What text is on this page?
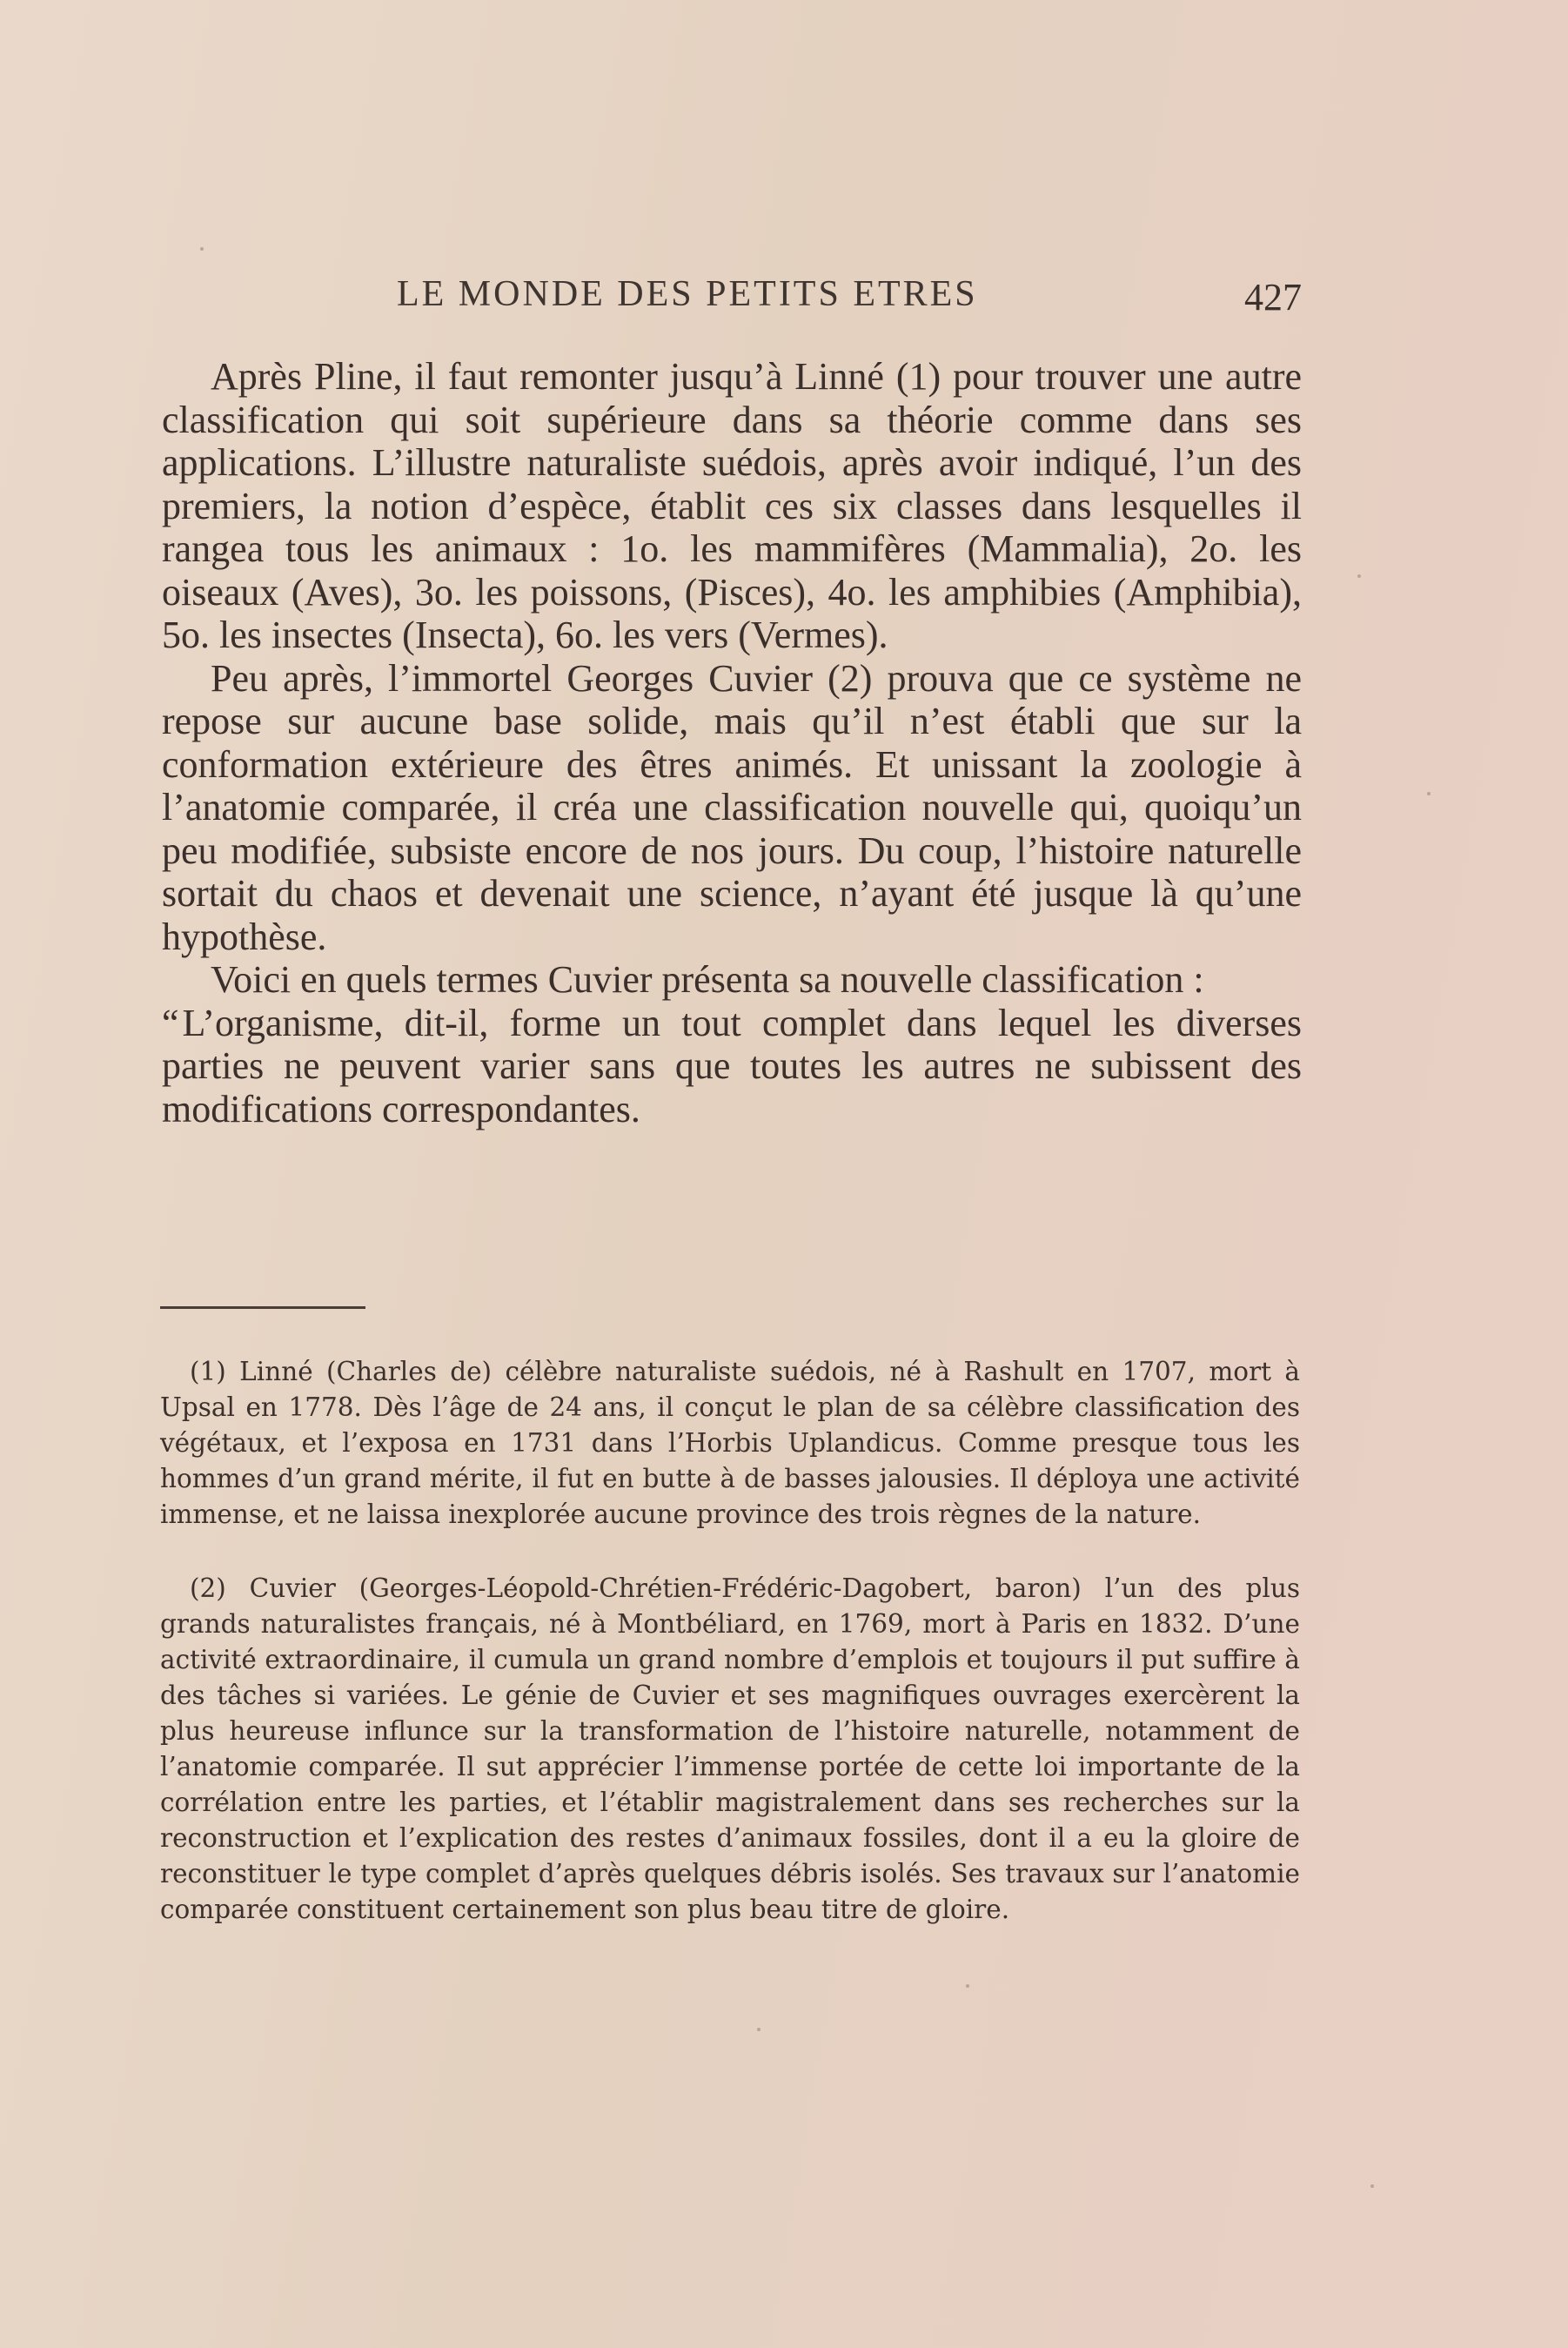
LE MONDE DES PETITS ETRES	427

Après Pline, il faut remonter jusqu’à Linné (1) pour trouver une autre classification qui soit supérieure dans sa théorie comme dans ses applications. L’illustre naturaliste suédois, après avoir indiqué, l’un des premiers, la notion d’espèce, établit ces six classes dans lesquelles il rangea tous les animaux : 1o. les mammifères (Mammalia), 2o. les oiseaux (Aves), 3o. les poissons, (Pisces), 4o. les amphibies (Amphibia), 5o. les insectes (Insecta), 6o. les vers (Vermes).

Peu après, l’immortel Georges Cuvier (2) prouva que ce système ne repose sur aucune base solide, mais qu’il n’est établi que sur la conformation extérieure des êtres animés. Et unissant la zoologie à l’anatomie comparée, il créa une classification nouvelle qui, quoiqu’un peu modifiée, subsiste encore de nos jours. Du coup, l’histoire naturelle sortait du chaos et devenait une science, n’ayant été jusque là qu’une hypothèse.

Voici en quels termes Cuvier présenta sa nouvelle classification :

“L’organisme, dit-il, forme un tout complet dans lequel les diverses parties ne peuvent varier sans que toutes les autres ne subissent des modifications correspondantes.

(1) Linné (Charles de) célèbre naturaliste suédois, né à Rashult en 1707, mort à Upsal en 1778. Dès l’âge de 24 ans, il conçut le plan de sa célèbre classification des végétaux, et l’exposa en 1731 dans l’Horbis Uplandicus. Comme presque tous les hommes d’un grand mérite, il fut en butte à de basses jalousies. Il déploya une activité immense, et ne laissa inexplorée aucune province des trois règnes de la nature.

(2) Cuvier (Georges-Léopold-Chrétien-Frédéric-Dagobert, baron) l’un des plus grands naturalistes français, né à Montbéliard, en 1769, mort à Paris en 1832. D’une activité extraordinaire, il cumula un grand nombre d’emplois et toujours il put suffire à des tâches si variées. Le génie de Cuvier et ses magnifiques ouvrages exercèrent la plus heureuse influnce sur la transformation de l’histoire naturelle, notamment de l’anatomie comparée. Il sut apprécier l’immense portée de cette loi importante de la corrélation entre les parties, et l’établir magistralement dans ses recherches sur la reconstruction et l’explication des restes d’animaux fossiles, dont il a eu la gloire de reconstituer le type complet d’après quelques débris isolés. Ses travaux sur l’anatomie comparée constituent certainement son plus beau titre de gloire.
